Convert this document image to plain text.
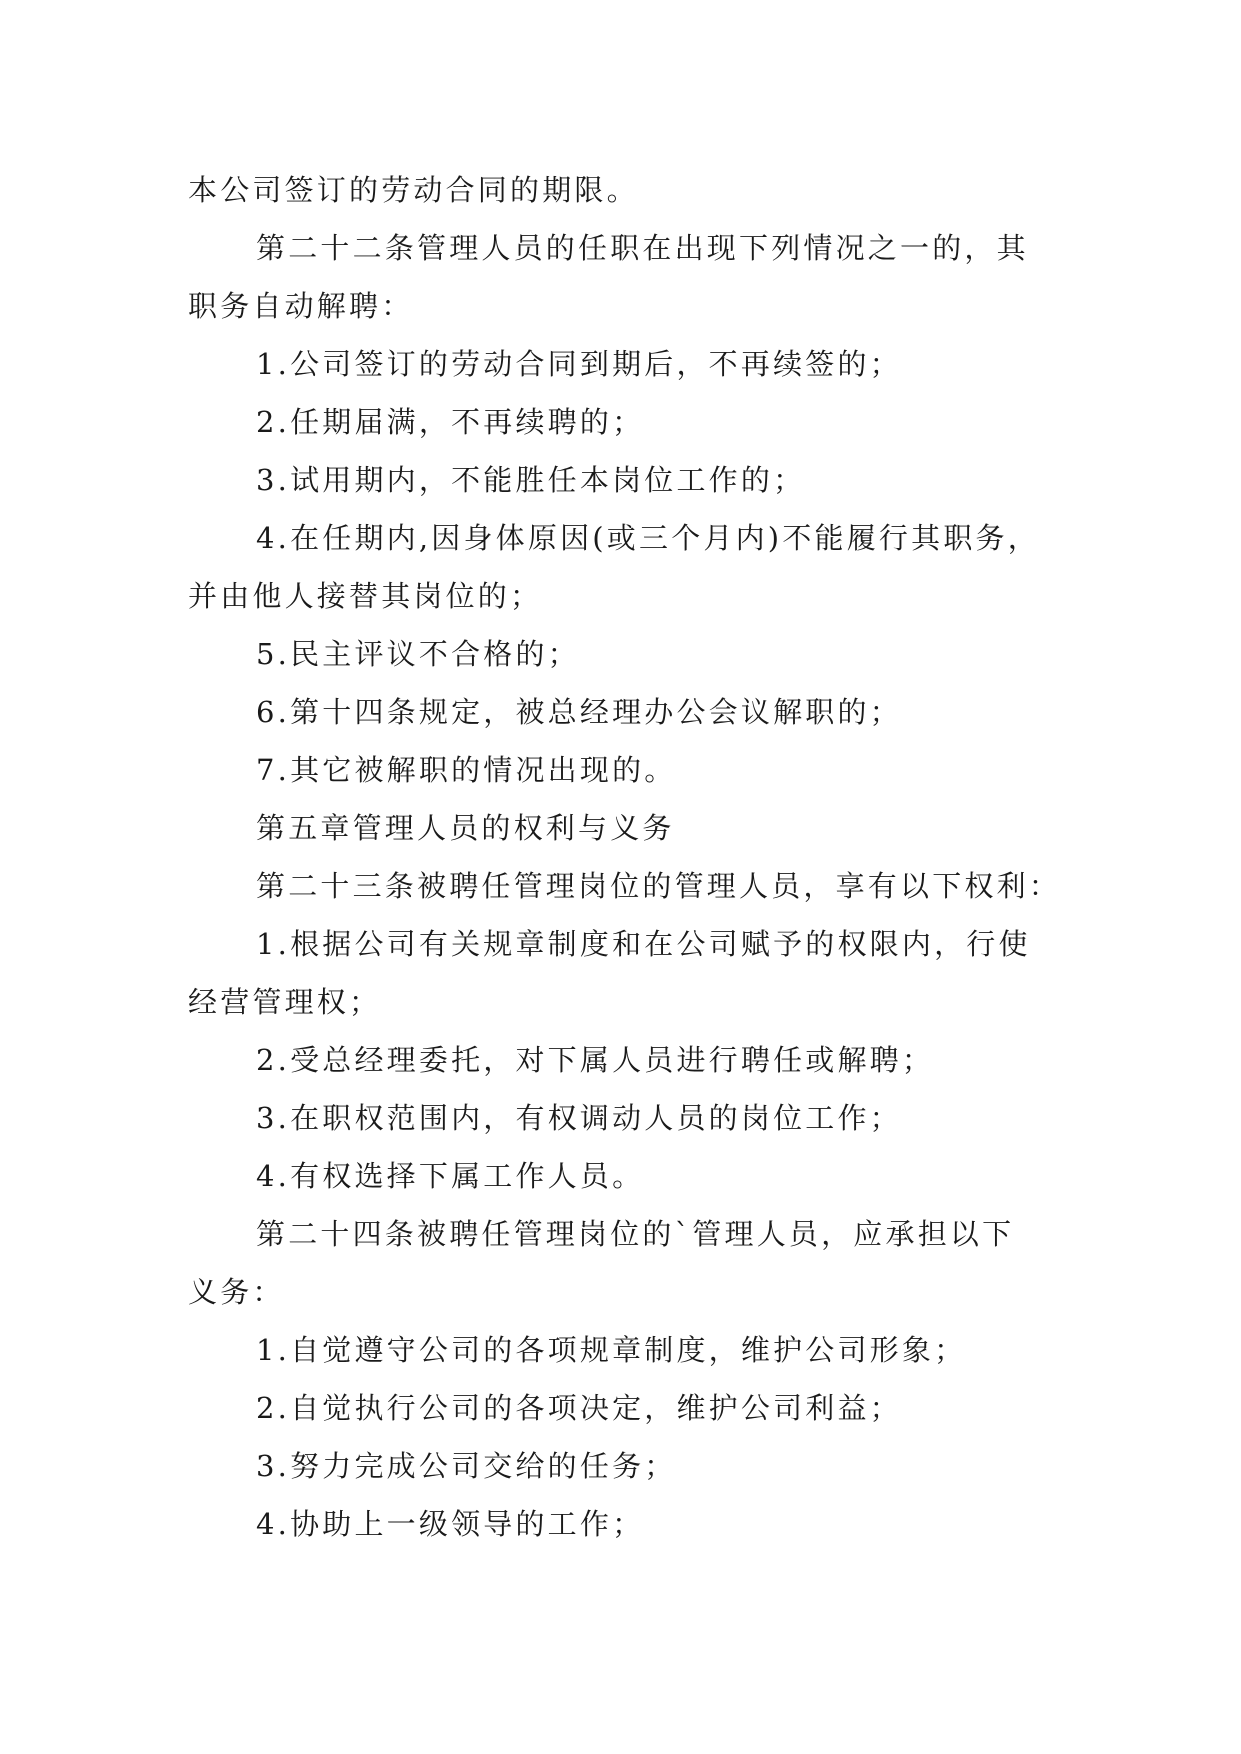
本公司签订的劳动合同的期限。
第二十二条管理人员的任职在出现下列情况之一的，其
职务自动解聘：
1.公司签订的劳动合同到期后，不再续签的；
2.任期届满，不再续聘的；
3.试用期内，不能胜任本岗位工作的；
4.在任期内,因身体原因(或三个月内)不能履行其职务，
并由他人接替其岗位的；
5.民主评议不合格的；
6.第十四条规定，被总经理办公会议解职的；
7.其它被解职的情况出现的。
第五章管理人员的权利与义务
第二十三条被聘任管理岗位的管理人员，享有以下权利：
1.根据公司有关规章制度和在公司赋予的权限内，行使
经营管理权；
2.受总经理委托，对下属人员进行聘任或解聘；
3.在职权范围内，有权调动人员的岗位工作；
4.有权选择下属工作人员。
第二十四条被聘任管理岗位的`管理人员，应承担以下
义务：
1.自觉遵守公司的各项规章制度，维护公司形象；
2.自觉执行公司的各项决定，维护公司利益；
3.努力完成公司交给的任务；
4.协助上一级领导的工作；
